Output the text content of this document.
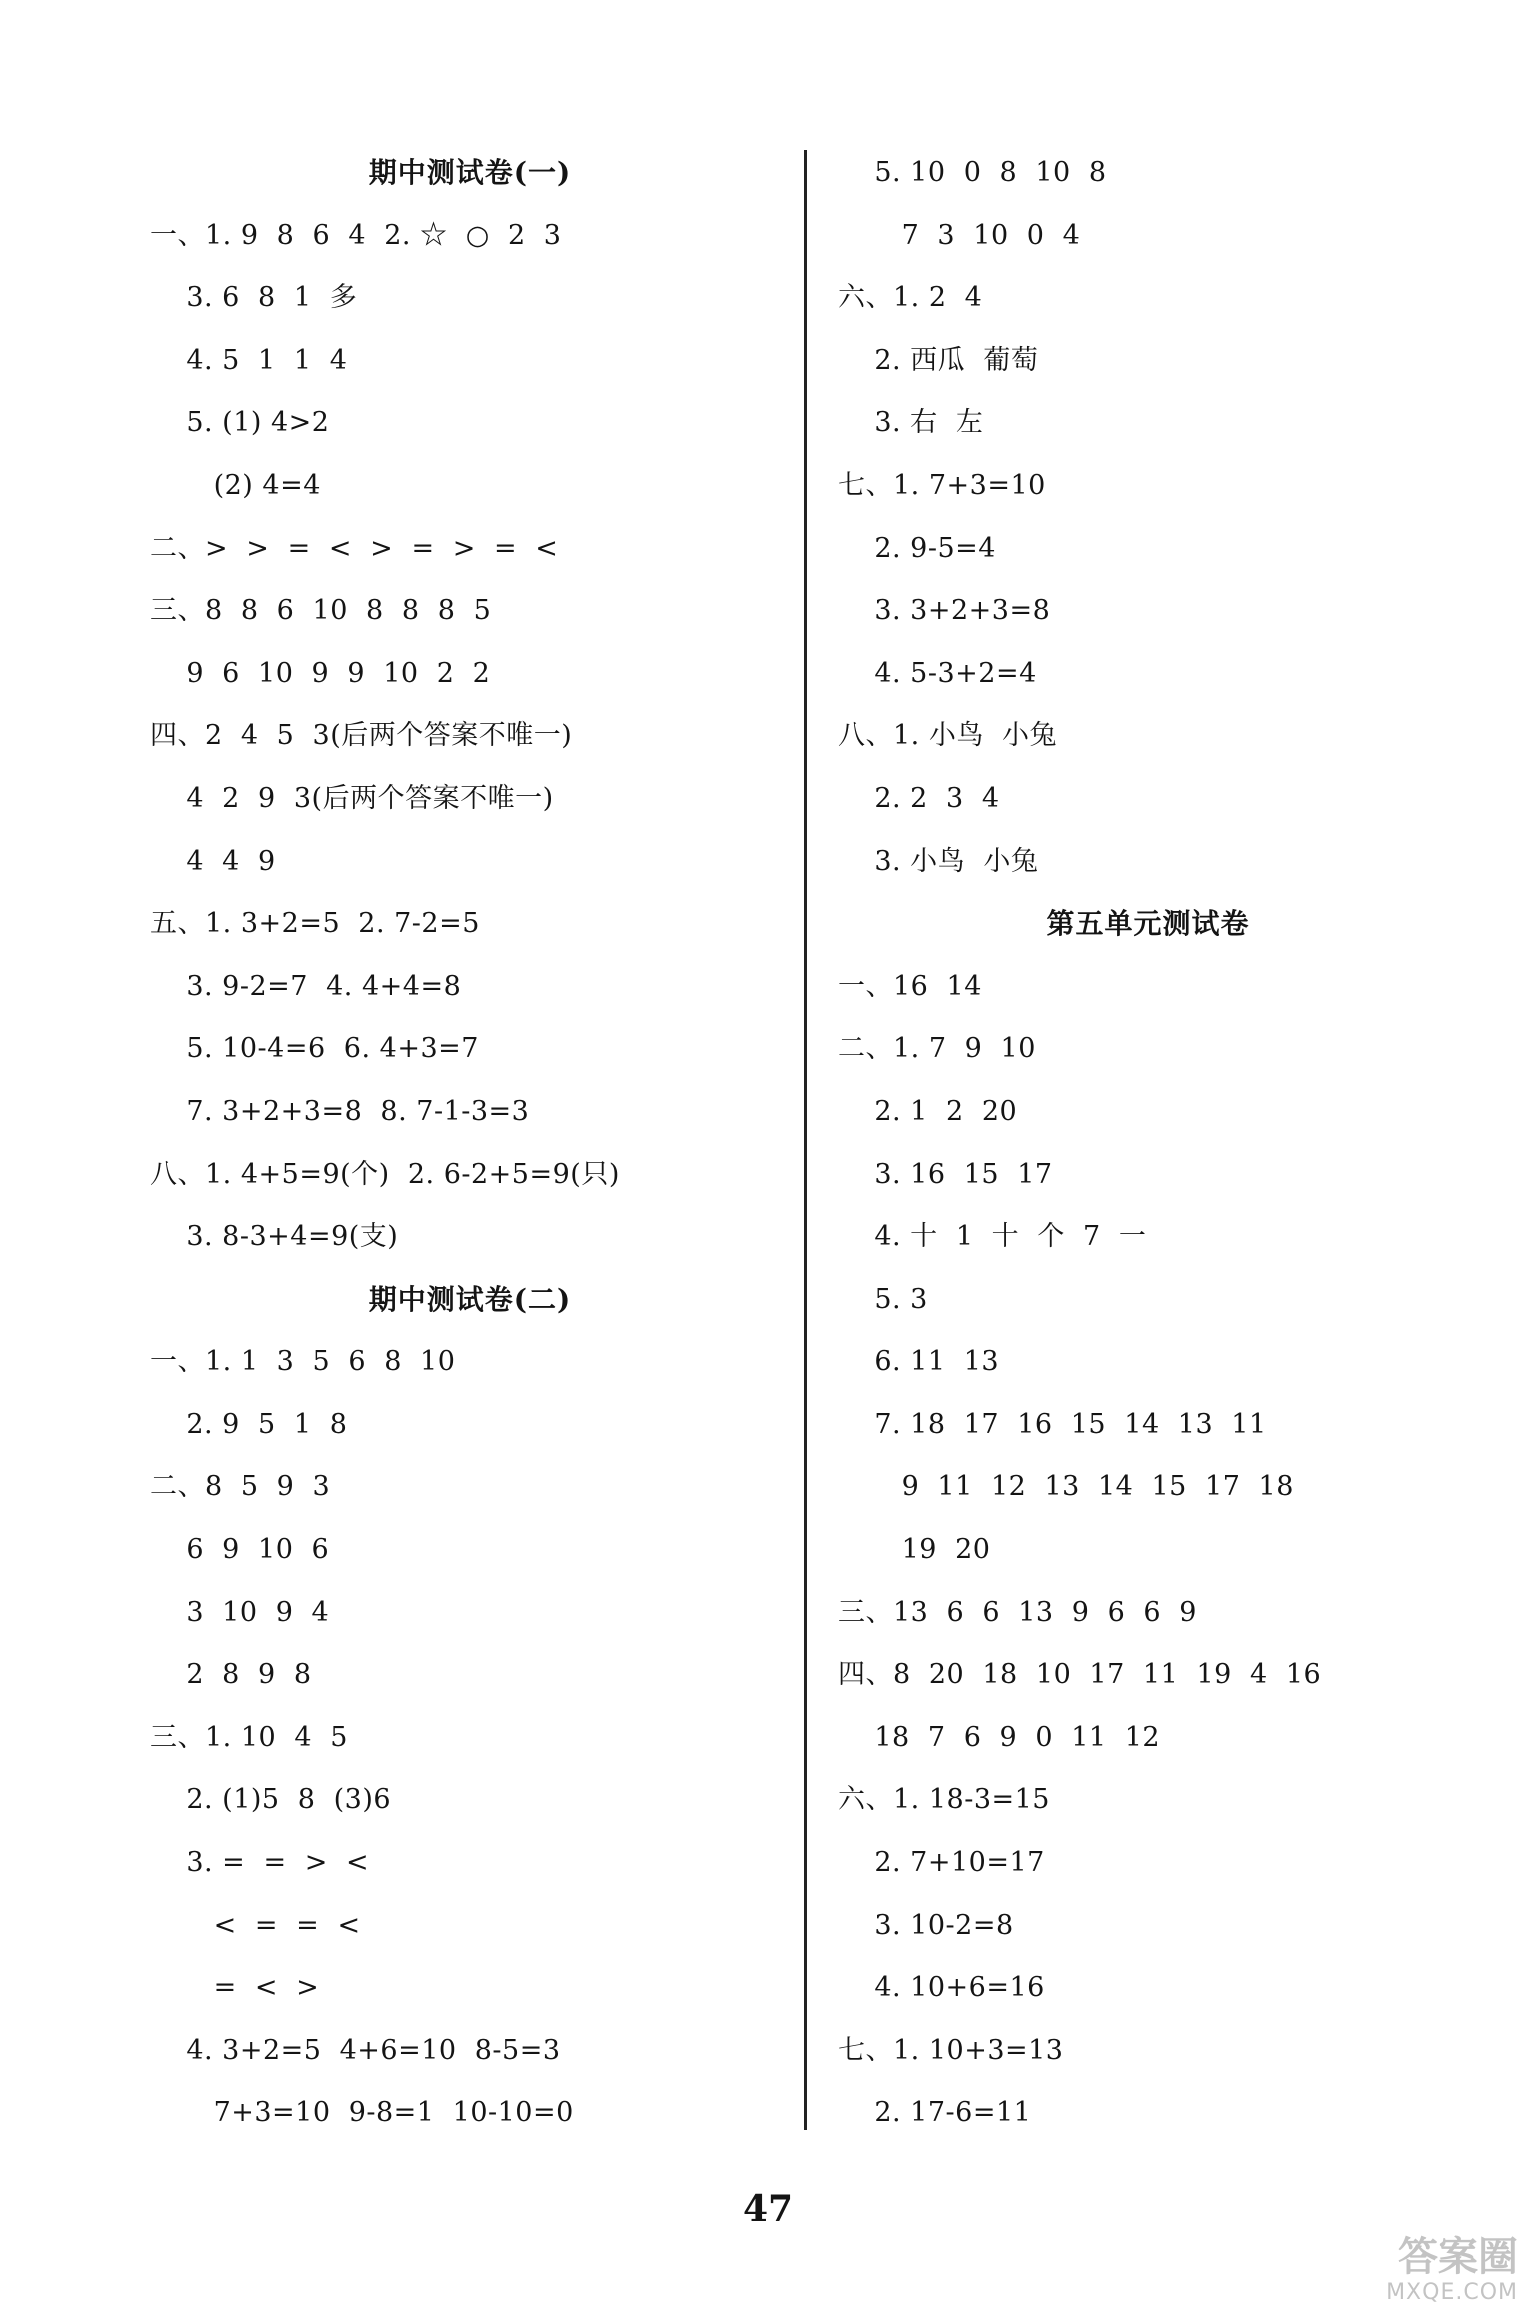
期中测试卷(一)
一、1. 9  8  6  4  2. ☆  ○  2  3
3. 6  8  1  多
4. 5  1  1  4
5. (1) 4>2
(2) 4=4
二、>  >  =  <  >  =  >  =  <
三、8  8  6  10  8  8  8  5
9  6  10  9  9  10  2  2
四、2  4  5  3(后两个答案不唯一)
4  2  9  3(后两个答案不唯一)
4  4  9
五、1. 3+2=5  2. 7-2=5
3. 9-2=7  4. 4+4=8
5. 10-4=6  6. 4+3=7
7. 3+2+3=8  8. 7-1-3=3
八、1. 4+5=9(个)  2. 6-2+5=9(只)
3. 8-3+4=9(支)
期中测试卷(二)
一、1. 1  3  5  6  8  10
2. 9  5  1  8
二、8  5  9  3
6  9  10  6
3  10  9  4
2  8  9  8
三、1. 10  4  5
2. (1)5  8  (3)6
3. =  =  >  <
<  =  =  <
=  <  >
4. 3+2=5  4+6=10  8-5=3
7+3=10  9-8=1  10-10=0
5. 10  0  8  10  8
7  3  10  0  4
六、1. 2  4
2. 西瓜  葡萄
3. 右  左
七、1. 7+3=10
2. 9-5=4
3. 3+2+3=8
4. 5-3+2=4
八、1. 小鸟  小兔
2. 2  3  4
3. 小鸟  小兔
第五单元测试卷
一、16  14
二、1. 7  9  10
2. 1  2  20
3. 16  15  17
4. 十  1  十  个  7  一
5. 3
6. 11  13
7. 18  17  16  15  14  13  11
9  11  12  13  14  15  17  18
19  20
三、13  6  6  13  9  6  6  9
四、8  20  18  10  17  11  19  4  16
18  7  6  9  0  11  12
六、1. 18-3=15
2. 7+10=17
3. 10-2=8
4. 10+6=16
七、1. 10+3=13
2. 17-6=11
47
答案圈
MXQE.COM
